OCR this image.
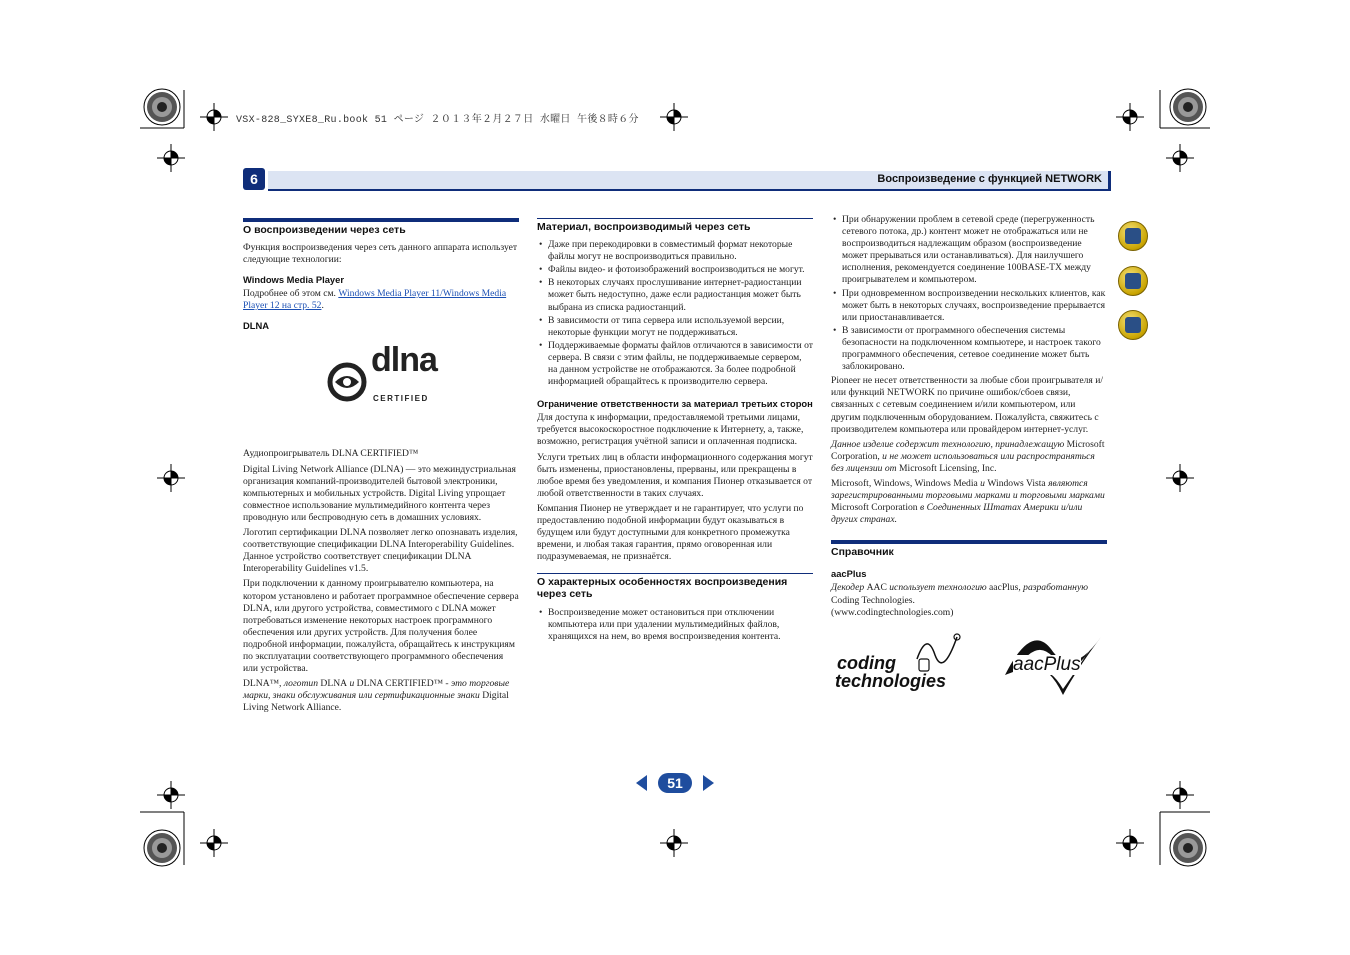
VSX-828_SYXE8_Ru.book 51 ページ ２０１３年２月２７日 水曜日 午後８時６分
6	Воспроизведение с функцией NETWORK
О воспроизведении через сеть

Функция воспроизведения через сеть данного аппарата использует следующие технологии:

Windows Media Player

Подробнее об этом см. Windows Media Player 11/Windows Media Player 12 на стр. 52.

DLNA
dlna
CERTIFIED

Аудиопроигрыватель DLNA CERTIFIED™

Digital Living Network Alliance (DLNA) — это межиндустриальная организация компаний-производителей бытовой электроники, компьютерных и мобильных устройств. Digital Living упрощает совместное использование мультимедийного контента через проводную или беспроводную сеть в домашних условиях.

Логотип сертификации DLNA позволяет легко опознавать изделия, соответствующие спецификации DLNA Interoperability Guidelines. Данное устройство соответствует спецификации DLNA Interoperability Guidelines v1.5.

При подключении к данному проигрывателю компьютера, на котором установлено и работает программное обеспечение сервера DLNA, или другого устройства, совместимого с DLNA может потребоваться изменение некоторых настроек программного обеспечения или других устройств. Для получения более подробной информации, пожалуйста, обращайтесь к инструкциям по эксплуатации соответствующего программного обеспечения или устройства.

DLNA™, логотип DLNA и DLNA CERTIFIED™ - это торговые марки, знаки обслуживания или сертификационные знаки Digital Living Network Alliance.

Материал, воспроизводимый через сеть
• Даже при перекодировки в совместимый формат некоторые файлы могут не воспроизводиться правильно.
• Файлы видео- и фотоизображений воспроизводиться не могут.
• В некоторых случаях прослушивание интернет-радиостанции может быть недоступно, даже если радиостанция может быть выбрана из списка радиостанций.
• В зависимости от типа сервера или используемой версии, некоторые функции могут не поддерживаться.
• Поддерживаемые форматы файлов отличаются в зависимости от сервера. В связи с этим файлы, не поддерживаемые сервером, на данном устройстве не отображаются. За более подробной информацией обращайтесь к производителю сервера.
Ограничение ответственности за материал третьих сторон

Для доступа к информации, предоставляемой третьими лицами, требуется высокоскоростное подключение к Интернету, а, также, возможно, регистрация учётной записи и оплаченная подписка.

Услуги третьих лиц в области информационного содержания могут быть изменены, приостановлены, прерваны, или прекращены в любое время без уведомления, и компания Пионер отказывается от любой ответственности в таких случаях.

Компания Пионер не утверждает и не гарантирует, что услуги по предоставлению подобной информации будут оказываться в будущем или будут доступными для конкретного промежутка времени, и любая такая гарантия, прямо оговоренная или подразумеваемая, не признаётся.

О характерных особенностях воспроизведения через сеть
• Воспроизведение может остановиться при отключении компьютера или при удалении мультимедийных файлов, хранящихся на нем, во время воспроизведения контента.
• При обнаружении проблем в сетевой среде (перегруженность сетевого потока, др.) контент может не отображаться или не воспроизводиться надлежащим образом (воспроизведение может прерываться или останавливаться). Для наилучшего исполнения, рекомендуется соединение 100BASE-TX между проигрывателем и компьютером.
• При одновременном воспроизведении нескольких клиентов, как может быть в некоторых случаях, воспроизведение прерывается или приостанавливается.
• В зависимости от программного обеспечения системы безопасности на подключенном компьютере, и настроек такого программного обеспечения, сетевое соединение может быть заблокировано.

Pioneer не несет ответственности за любые сбои проигрывателя и/или функций NETWORK по причине ошибок/сбоев связи, связанных с сетевым соединением и/или компьютером, или другим подключенным оборудованием. Пожалуйста, свяжитесь с производителем компьютера или провайдером интернет-услуг.

Данное изделие содержит технологию, принадлежащую Microsoft Corporation, и не может использоваться или распространяться без лицензии от Microsoft Licensing, Inc.

Microsoft, Windows, Windows Media и Windows Vista являются зарегистрированными торговыми марками и торговыми марками Microsoft Corporation в Соединенных Штатах Америки и/или других странах.

Справочник
aacPlus

Декодер AAC использует технологию aacPlus, разработанную Coding Technologies.
(www.codingtechnologies.com)

coding
technologies
aacPlus
51
